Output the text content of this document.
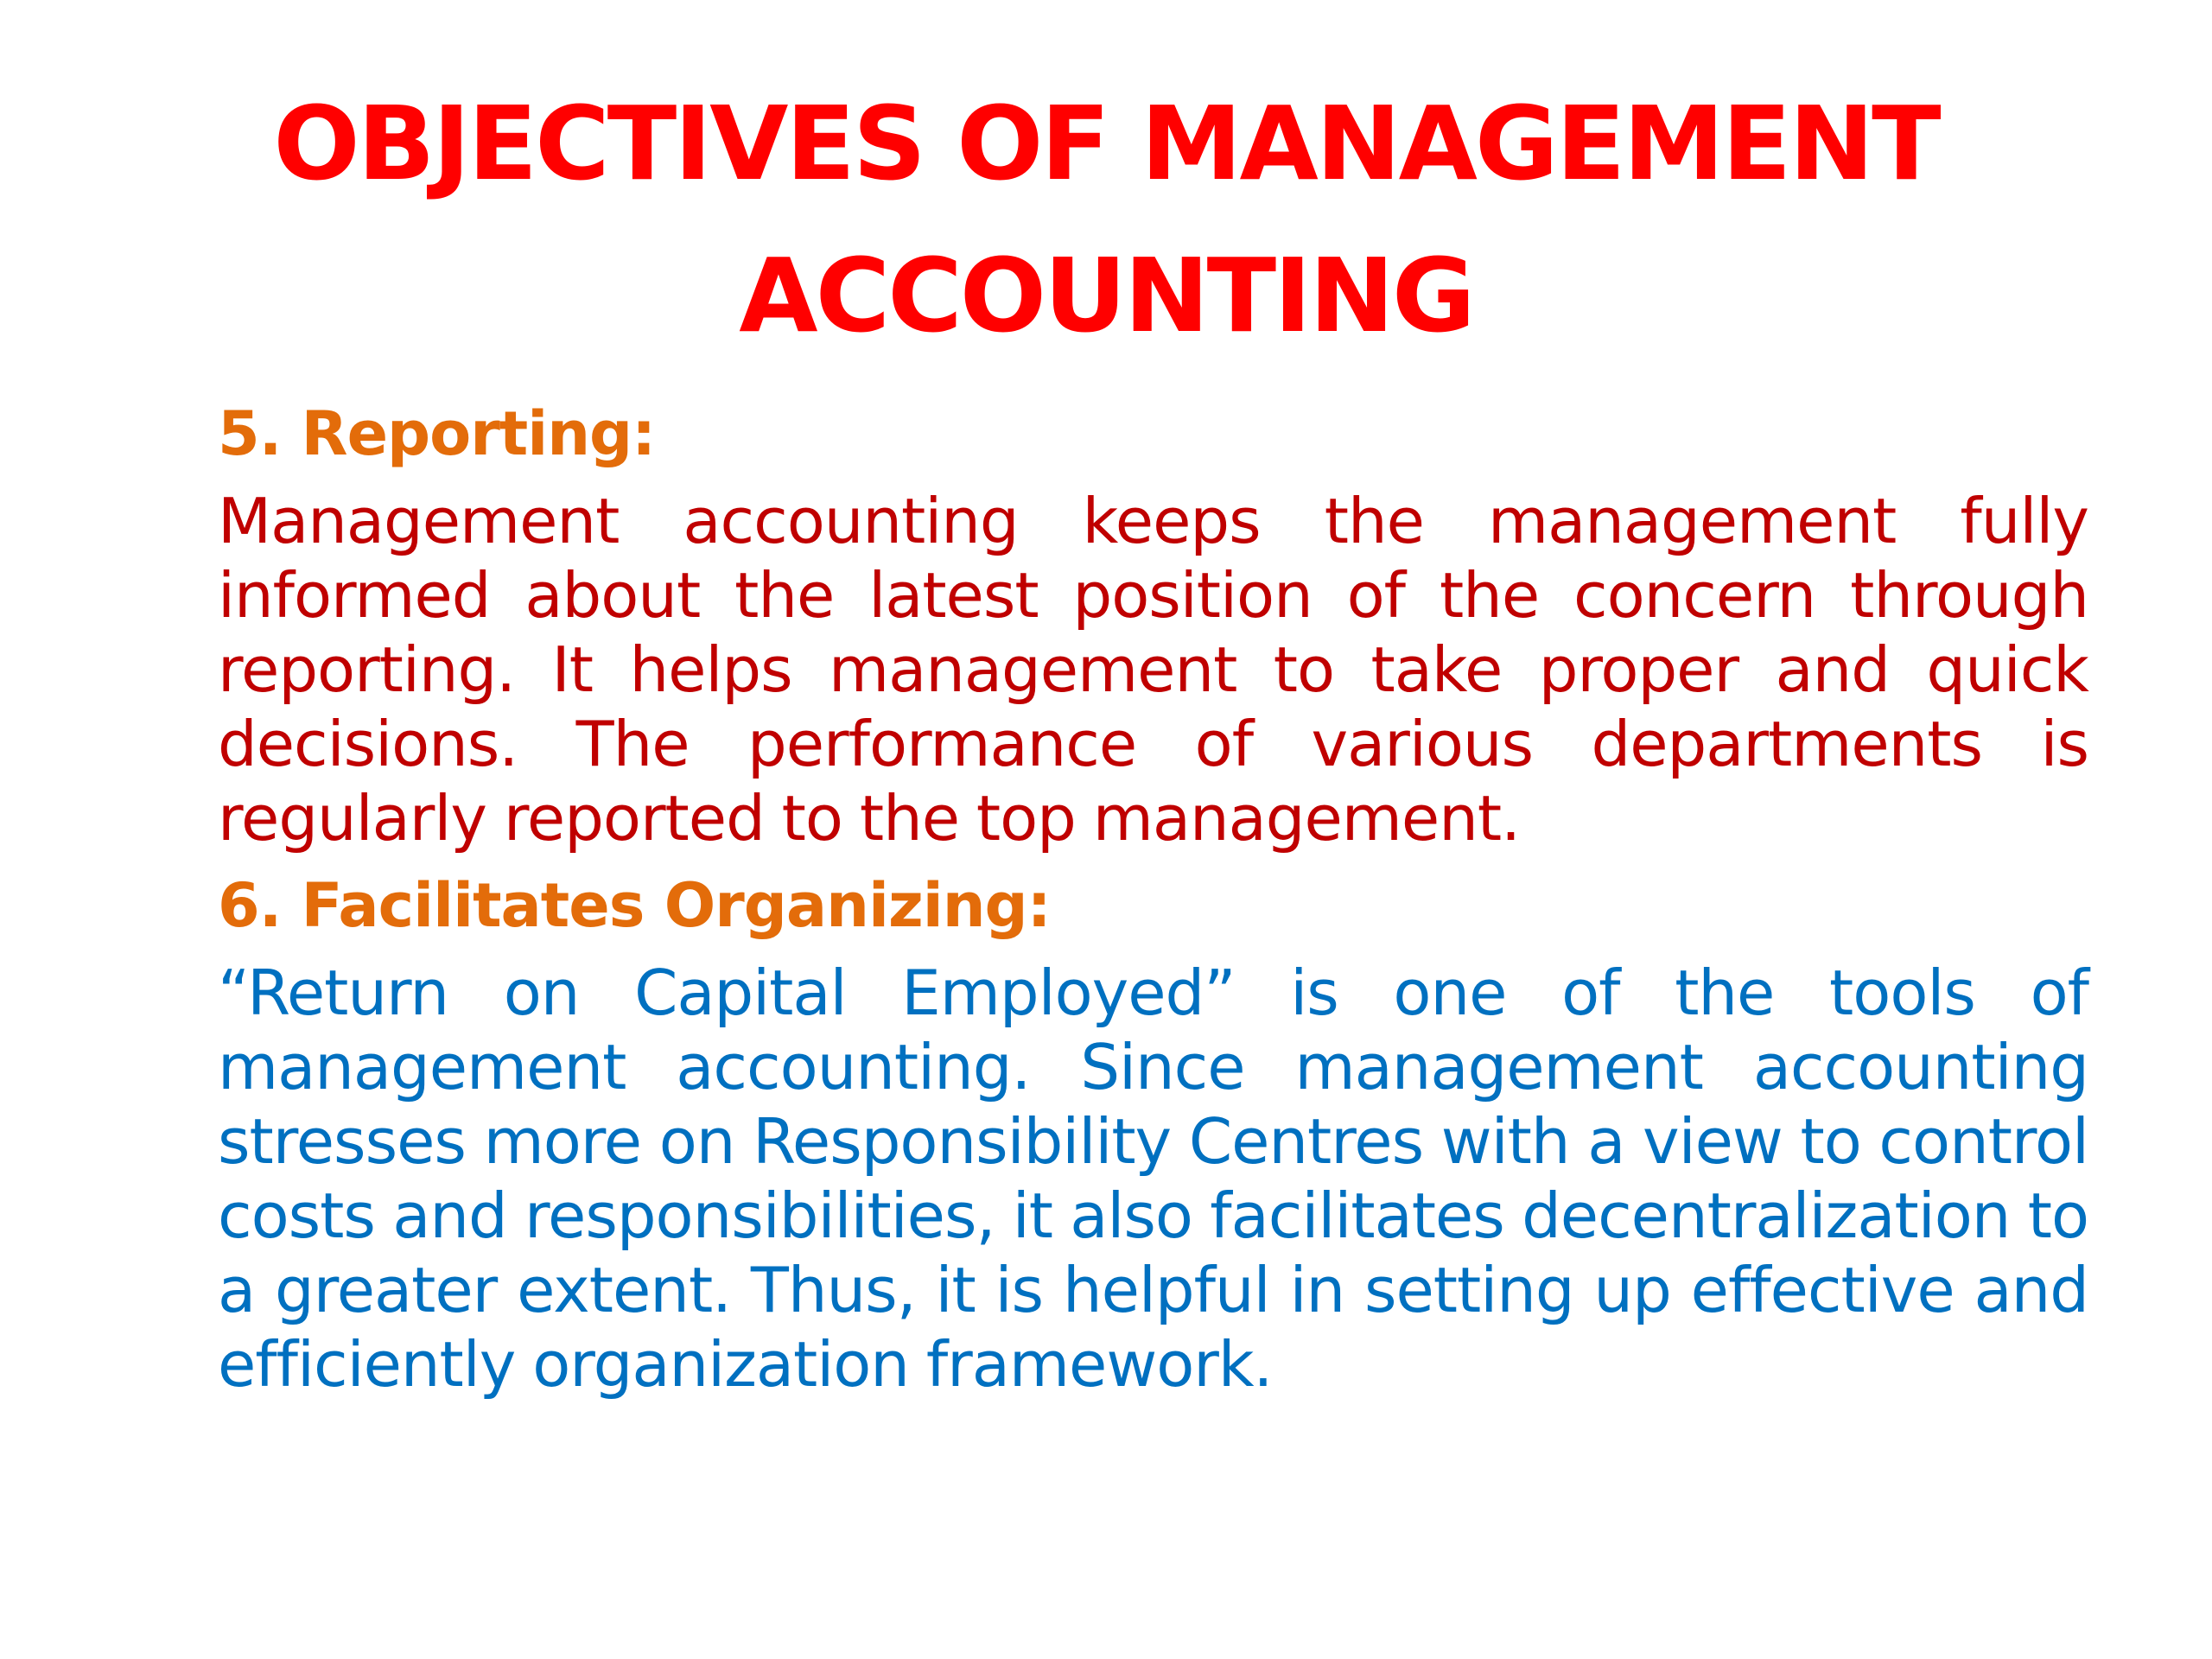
OBJECTIVES OF MANAGEMENT ACCOUNTING
5. Reporting:

Management accounting keeps the management fully informed about the latest position of the concern through reporting. It helps management to take proper and quick decisions. The performance of various departments is regularly reported to the top management.

6. Facilitates Organizing:

“Return on Capital Employed” is one of the tools of management accounting. Since management accounting stresses more on Responsibility Centres with a view to control costs and responsibilities, it also facilitates decentralization to a greater extent. Thus, it is helpful in setting up effective and efficiently organization framework.
